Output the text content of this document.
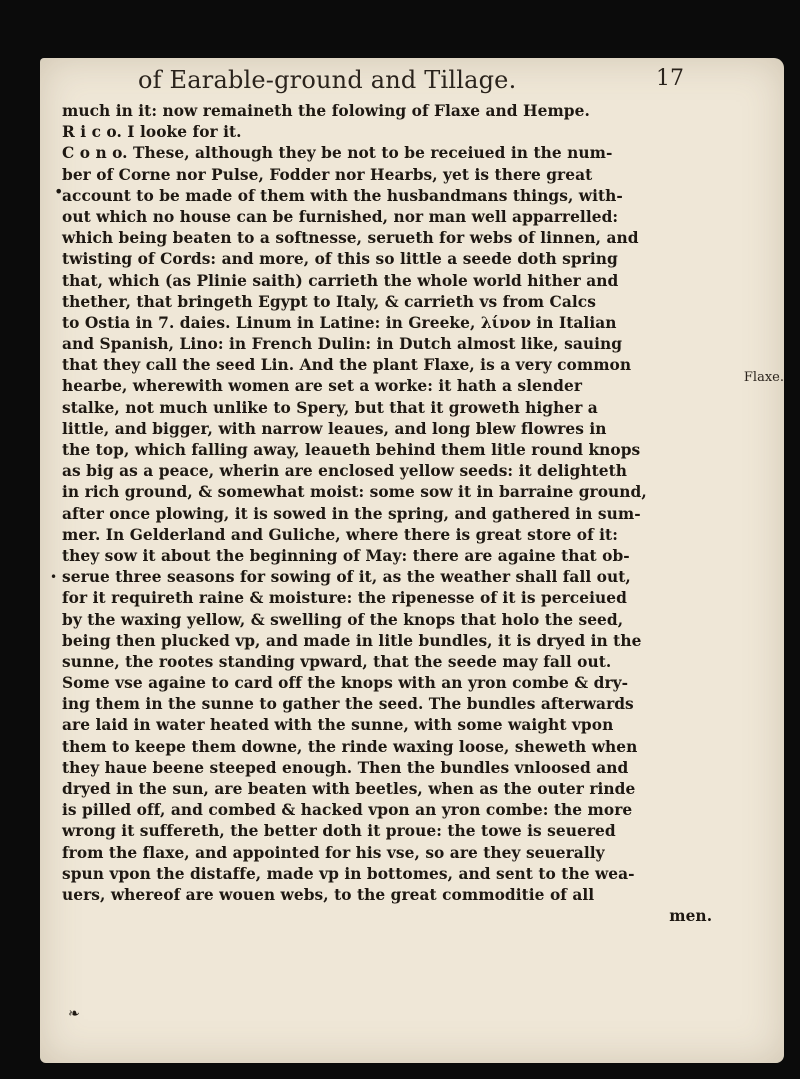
of Earable-ground and Tillage.	17
•
•
❧
Flaxe.
much in it: now remaineth the folowing of Flaxe and Hempe.
R i c o. I looke for it.
C o n o. These, although they be not to be receiued in the num-
ber of Corne nor Pulse, Fodder nor Hearbs, yet is there great
account to be made of them with the husbandmans things, with-
out which no house can be furnished, nor man well apparrelled:
which being beaten to a softnesse, serueth for webs of linnen, and
twisting of Cords: and more, of this so little a seede doth spring
that, which (as Plinie saith) carrieth the whole world hither and
thether, that bringeth Egypt to Italy, & carrieth vs from Calcs
to Ostia in 7. daies. Linum in Latine: in Greeke, λίνον in Italian
and Spanish, Lino: in French Dulin: in Dutch almost like, sauing
that they call the seed Lin. And the plant Flaxe, is a very common
hearbe, wherewith women are set a worke: it hath a slender
stalke, not much unlike to Spery, but that it groweth higher a
little, and bigger, with narrow leaues, and long blew flowres in
the top, which falling away, leaueth behind them litle round knops
as big as a peace, wherin are enclosed yellow seeds: it delighteth
in rich ground, & somewhat moist: some sow it in barraine ground,
after once plowing, it is sowed in the spring, and gathered in sum-
mer. In Gelderland and Guliche, where there is great store of it:
they sow it about the beginning of May: there are againe that ob-
serue three seasons for sowing of it, as the weather shall fall out,
for it requireth raine & moisture: the ripenesse of it is perceiued
by the waxing yellow, & swelling of the knops that holo the seed,
being then plucked vp, and made in litle bundles, it is dryed in the
sunne, the rootes standing vpward, that the seede may fall out.
Some vse againe to card off the knops with an yron combe & dry-
ing them in the sunne to gather the seed. The bundles afterwards
are laid in water heated with the sunne, with some waight vpon
them to keepe them downe, the rinde waxing loose, sheweth when
they haue beene steeped enough. Then the bundles vnloosed and
dryed in the sun, are beaten with beetles, when as the outer rinde
is pilled off, and combed & hacked vpon an yron combe: the more
wrong it suffereth, the better doth it proue: the towe is seuered
from the flaxe, and appointed for his vse, so are they seuerally
spun vpon the distaffe, made vp in bottomes, and sent to the wea-
uers, whereof are wouen webs, to the great commoditie of all
men.
